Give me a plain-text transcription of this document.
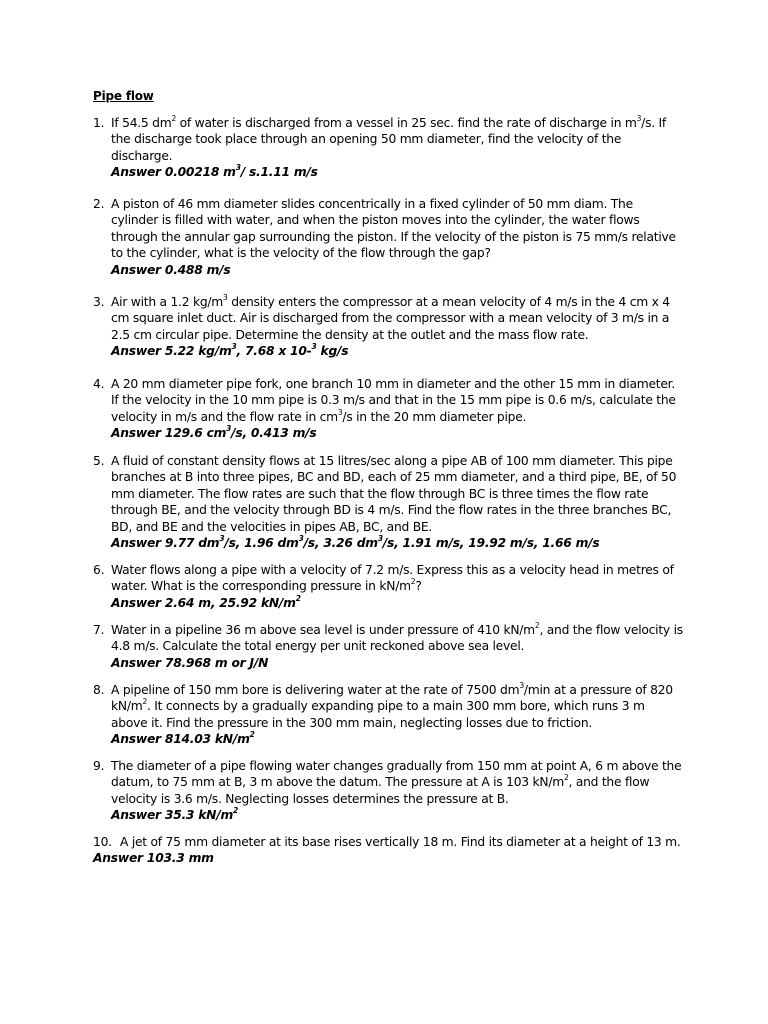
Pipe flow
1. If 54.5 $dm^2$ of water is discharged from a vessel in 25 sec. find the rate of discharge in $m^3/s$. If the discharge took place through an opening 50 mm diameter, find the velocity of the discharge.
Answer 0.00218 $m^3/$ s.1.11 m/s
2. A piston of 46 mm diameter slides concentrically in a fixed cylinder of 50 mm diam. The cylinder is filled with water, and when the piston moves into the cylinder, the water flows through the annular gap surrounding the piston. If the velocity of the piston is 75 mm/s relative to the cylinder, what is the velocity of the flow through the gap?
Answer 0.488 m/s
3. Air with a 1.2 $kg/m^3$ density enters the compressor at a mean velocity of 4 m/s in the 4 cm x 4 cm square inlet duct. Air is discharged from the compressor with a mean velocity of 3 m/s in a 2.5 cm circular pipe. Determine the density at the outlet and the mass flow rate.
Answer 5.22 $kg/m^3$, 7.68 x 10-$^3$ kg/s
4. A 20 mm diameter pipe fork, one branch 10 mm in diameter and the other 15 mm in diameter. If the velocity in the 10 mm pipe is 0.3 m/s and that in the 15 mm pipe is 0.6 m/s, calculate the velocity in m/s and the flow rate in $cm^3/s$ in the 20 mm diameter pipe.
Answer 129.6 $cm^3/s$, 0.413 m/s
5. A fluid of constant density flows at 15 litres/sec along a pipe AB of 100 mm diameter. This pipe branches at B into three pipes, BC and BD, each of 25 mm diameter, and a third pipe, BE, of 50 mm diameter. The flow rates are such that the flow through BC is three times the flow rate through BE, and the velocity through BD is 4 m/s. Find the flow rates in the three branches BC, BD, and BE and the velocities in pipes AB, BC, and BE.
Answer 9.77 $dm^3/s$, 1.96 $dm^3/s$, 3.26 $dm^3/s$, 1.91 m/s, 19.92 m/s, 1.66 m/s
6. Water flows along a pipe with a velocity of 7.2 m/s. Express this as a velocity head in metres of water. What is the corresponding pressure in $kN/m^2$?
Answer 2.64 m, 25.92 $kN/m^2$
7. Water in a pipeline 36 m above sea level is under pressure of 410 $kN/m^2$, and the flow velocity is 4.8 m/s. Calculate the total energy per unit reckoned above sea level.
Answer 78.968 m or J/N
8. A pipeline of 150 mm bore is delivering water at the rate of 7500 $dm^3/\min$ at a pressure of 820 $kN/m^2$. It connects by a gradually expanding pipe to a main 300 mm bore, which runs 3 m above it. Find the pressure in the 300 mm main, neglecting losses due to friction.
Answer 814.03 $kN/m^2$
9. The diameter of a pipe flowing water changes gradually from 150 mm at point A, 6 m above the datum, to 75 mm at B, 3 m above the datum. The pressure at A is 103 $kN/m^2$, and the flow velocity is 3.6 m/s. Neglecting losses determines the pressure at B.
Answer 35.3 $kN/m^2$
10. A jet of 75 mm diameter at its base rises vertically 18 m. Find its diameter at a height of 13 m.
Answer 103.3 mm
